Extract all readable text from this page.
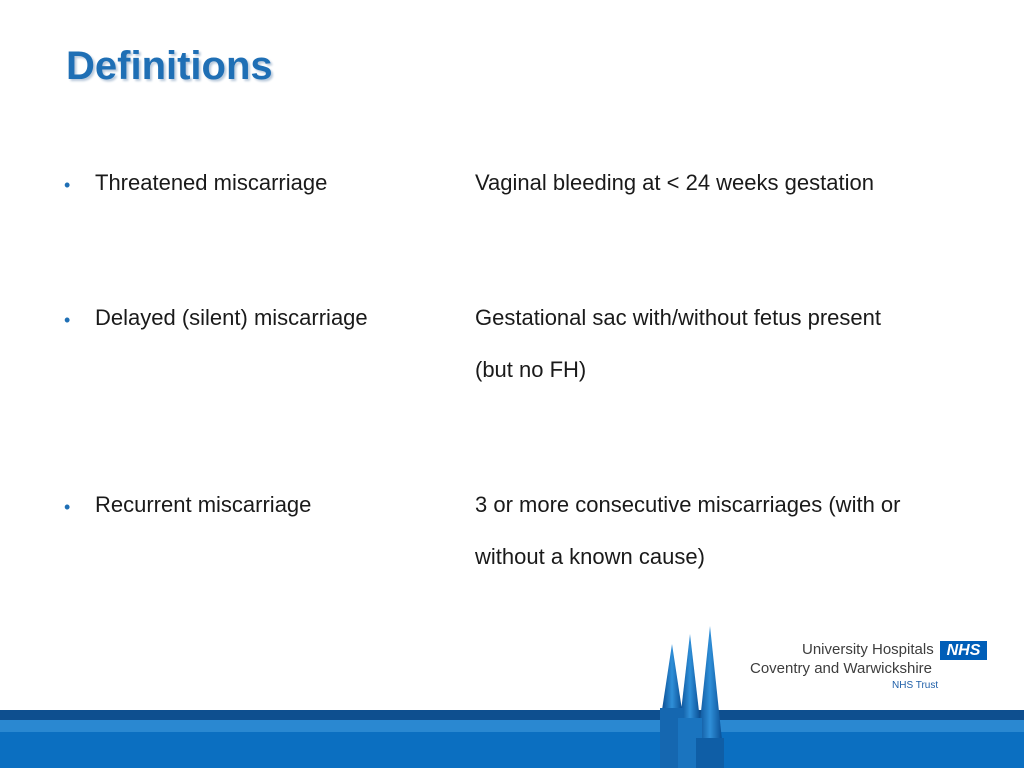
Definitions
• Threatened miscarriage	Vaginal bleeding at < 24 weeks gestation
• Delayed (silent) miscarriage	Gestational sac with/without fetus present
(but no FH)
• Recurrent miscarriage	3 or more consecutive miscarriages (with or
without a known cause)
University Hospitals NHS
Coventry and Warwickshire
NHS Trust
